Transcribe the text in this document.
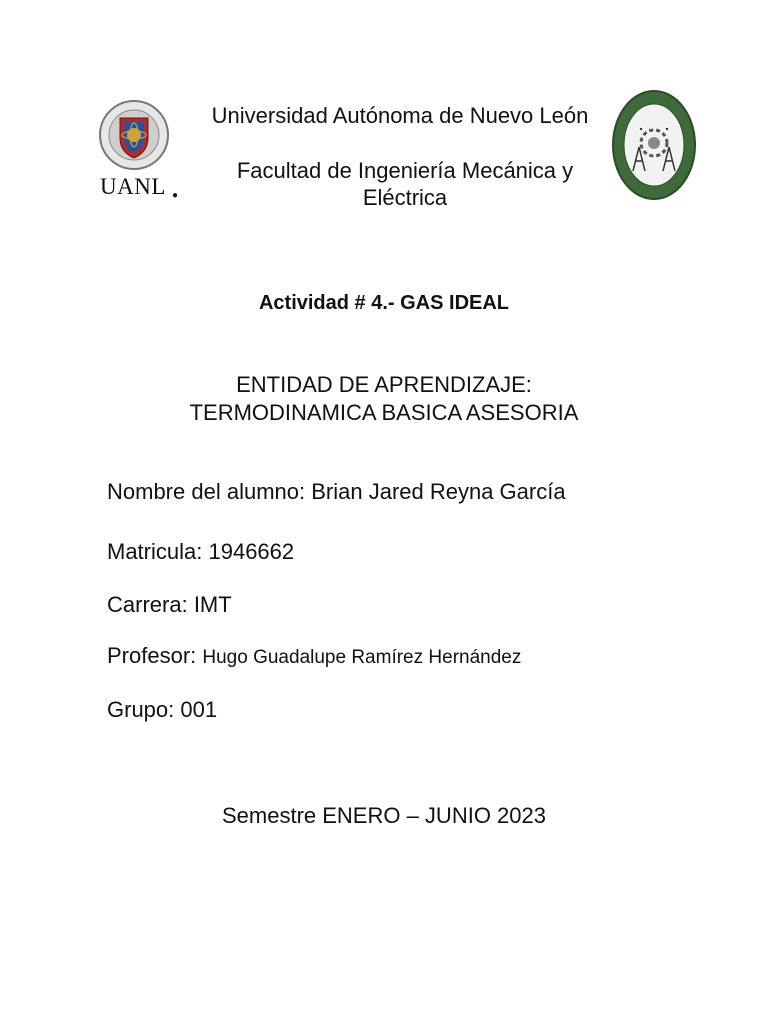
UANL ●
Universidad Autónoma de Nuevo León
Facultad de Ingeniería Mecánica y Eléctrica
Actividad # 4.- GAS IDEAL
ENTIDAD DE APRENDIZAJE:
TERMODINAMICA BASICA ASESORIA
Nombre del alumno: Brian Jared Reyna García
Matricula: 1946662
Carrera: IMT
Profesor: Hugo Guadalupe Ramírez Hernández
Grupo: 001
Semestre ENERO – JUNIO 2023
